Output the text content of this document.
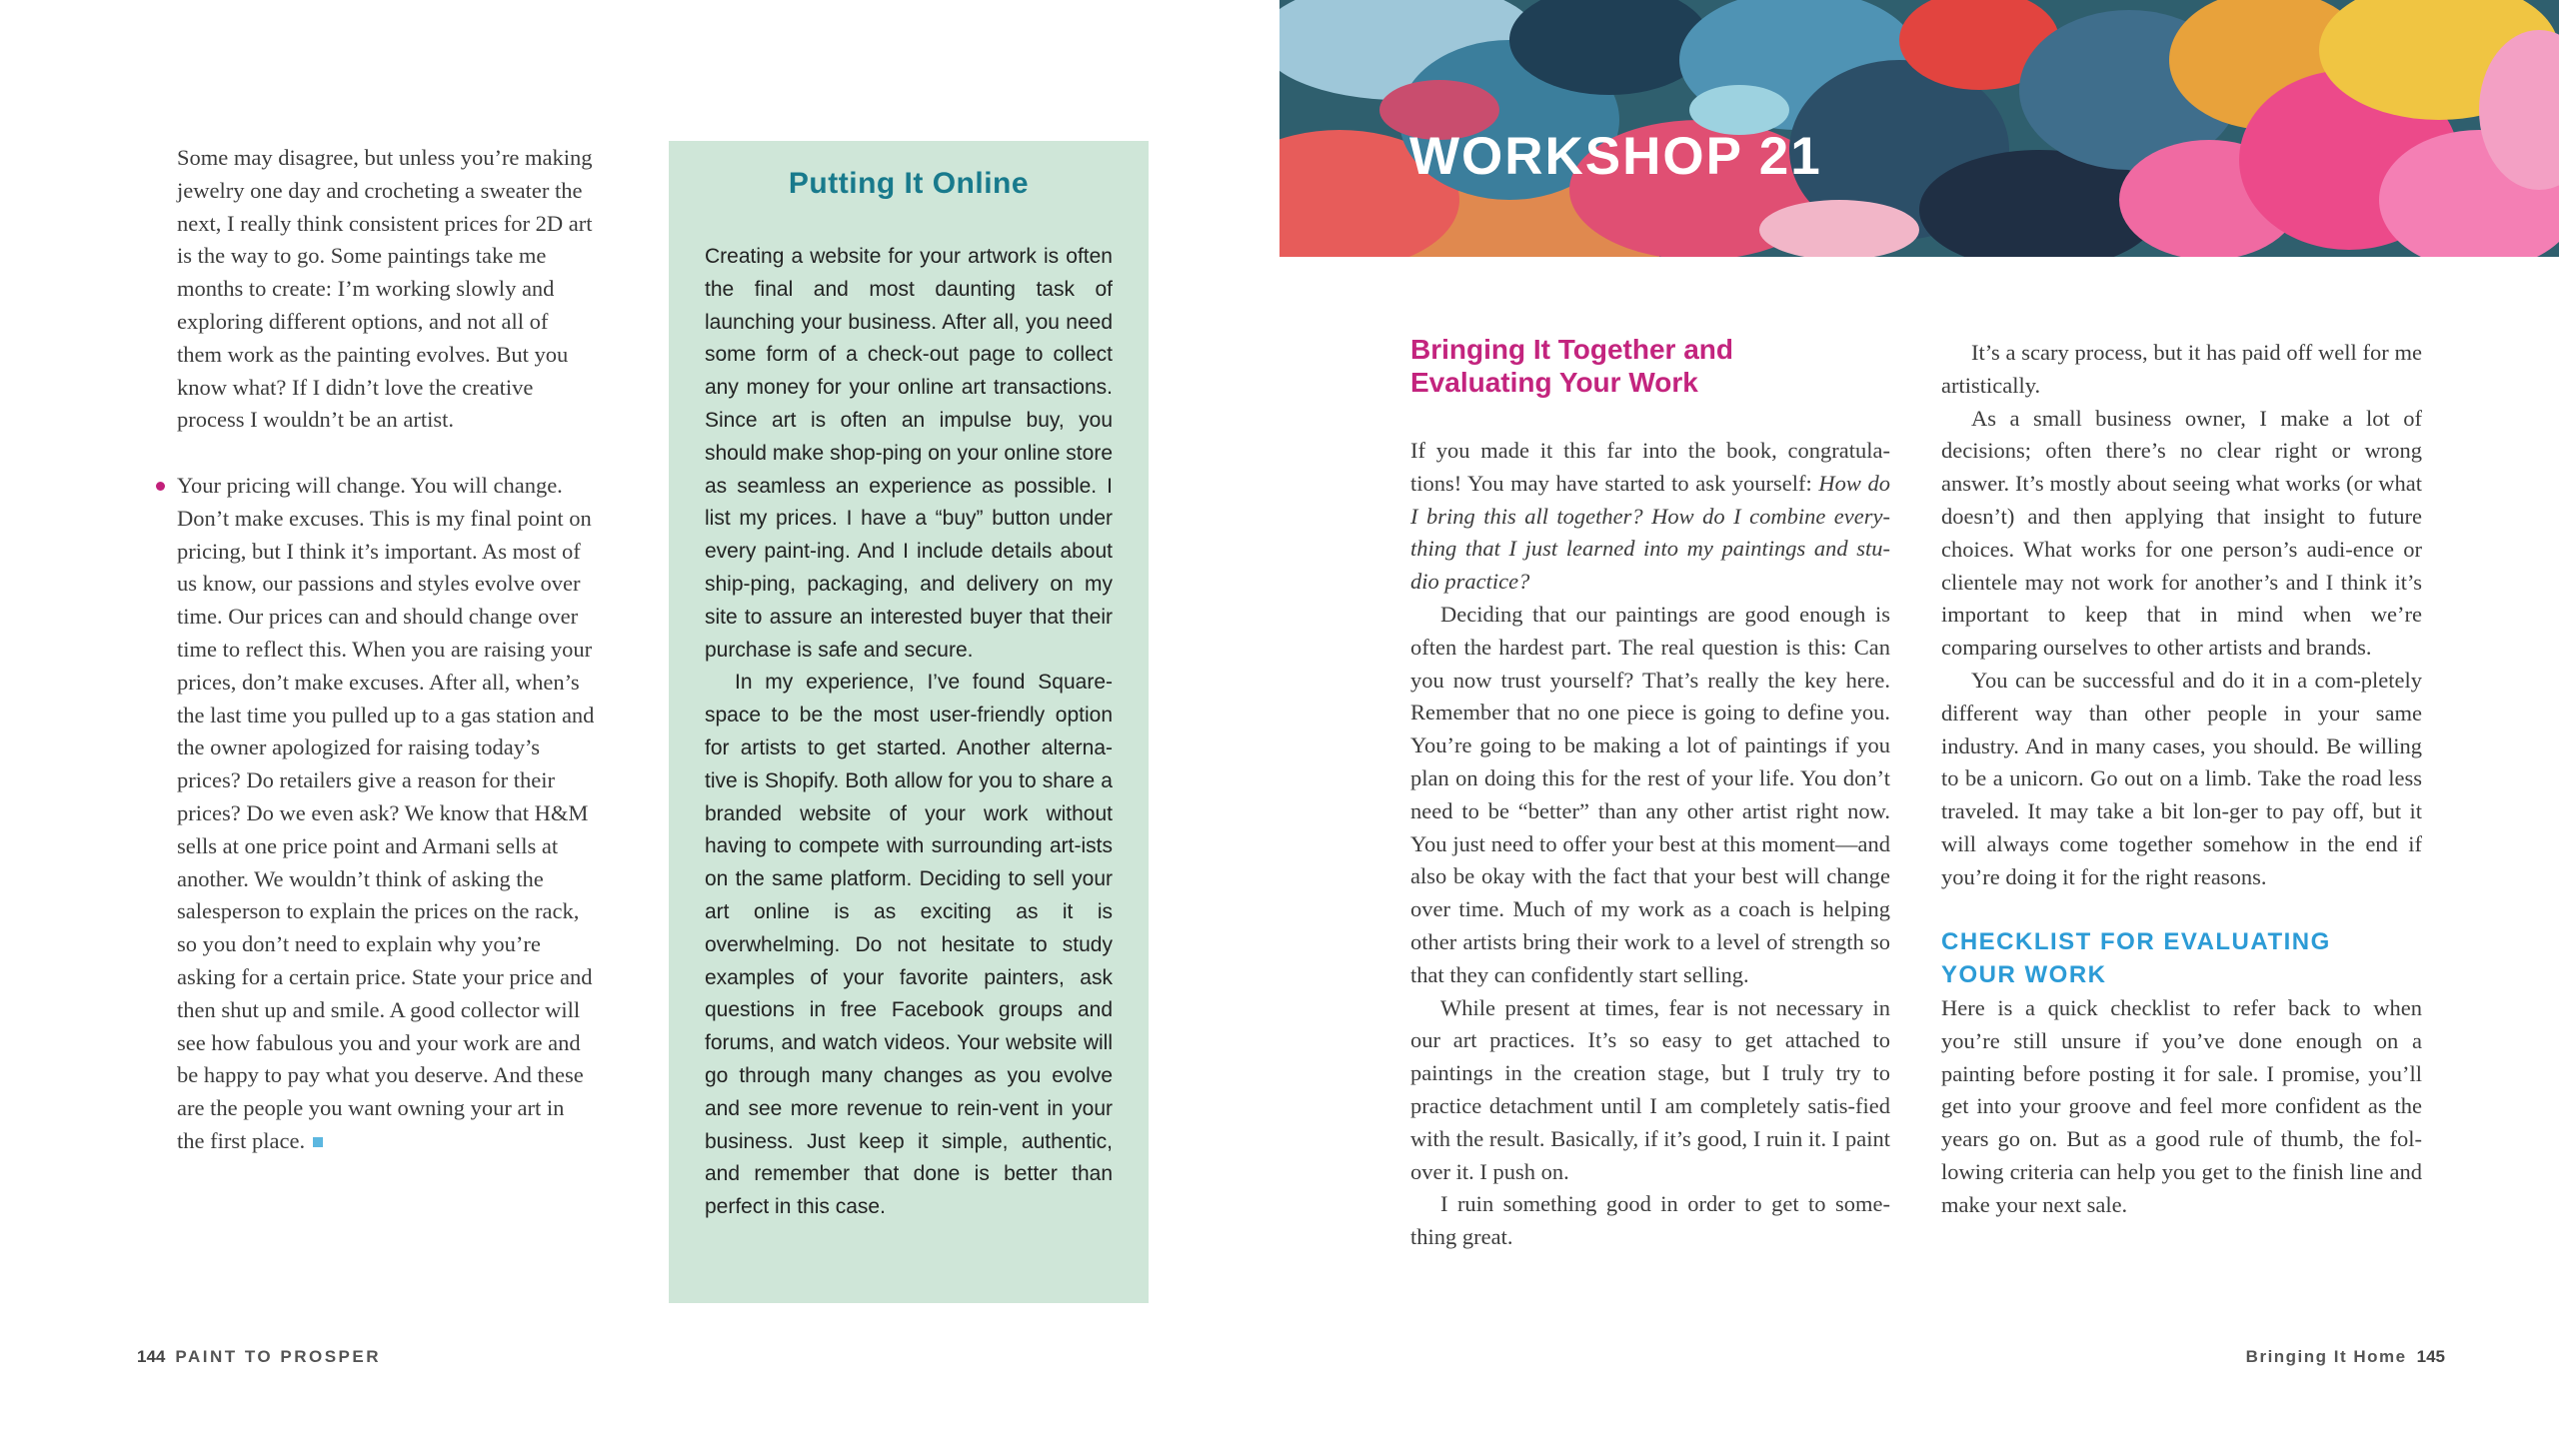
Some may disagree, but unless you’re making jewelry one day and crocheting a sweater the next, I really think consistent prices for 2D art is the way to go. Some paintings take me months to create: I’m working slowly and exploring different options, and not all of them work as the painting evolves. But you know what? If I didn’t love the creative process I wouldn’t be an artist.

Your pricing will change. You will change. Don’t make excuses. This is my final point on pricing, but I think it’s important. As most of us know, our passions and styles evolve over time. Our prices can and should change over time to reflect this. When you are raising your prices, don’t make excuses. After all, when’s the last time you pulled up to a gas station and the owner apologized for raising today’s prices? Do retailers give a reason for their prices? Do we even ask? We know that H&M sells at one price point and Armani sells at another. We wouldn’t think of asking the salesperson to explain the prices on the rack, so you don’t need to explain why you’re asking for a certain price. State your price and then shut up and smile. A good collector will see how fabulous you and your work are and be happy to pay what you deserve. And these are the people you want owning your art in the first place.

Putting It Online

Creating a website for your artwork is often the final and most daunting task of launching your business. After all, you need some form of a check-out page to collect any money for your online art transactions. Since art is often an impulse buy, you should make shop-ping on your online store as seamless an experience as possible. I list my prices. I have a “buy” button under every paint-ing. And I include details about ship-ping, packaging, and delivery on my site to assure an interested buyer that their purchase is safe and secure.

In my experience, I’ve found Square-space to be the most user-friendly option for artists to get started. Another alterna-tive is Shopify. Both allow for you to share a branded website of your work without having to compete with surrounding art-ists on the same platform. Deciding to sell your art online is as exciting as it is overwhelming. Do not hesitate to study examples of your favorite painters, ask questions in free Facebook groups and forums, and watch videos. Your website will go through many changes as you evolve and see more revenue to rein-vent in your business. Just keep it simple, authentic, and remember that done is better than perfect in this case.

WORKSHOP 21
Bringing It Together and Evaluating Your Work

If you made it this far into the book, congratula-tions! You may have started to ask yourself: How do I bring this all together? How do I combine every-thing that I just learned into my paintings and stu-dio practice?

Deciding that our paintings are good enough is often the hardest part. The real question is this: Can you now trust yourself? That’s really the key here. Remember that no one piece is going to define you. You’re going to be making a lot of paintings if you plan on doing this for the rest of your life. You don’t need to be “better” than any other artist right now. You just need to offer your best at this moment—and also be okay with the fact that your best will change over time. Much of my work as a coach is helping other artists bring their work to a level of strength so that they can confidently start selling.

While present at times, fear is not necessary in our art practices. It’s so easy to get attached to paintings in the creation stage, but I truly try to practice detachment until I am completely satis-fied with the result. Basically, if it’s good, I ruin it. I paint over it. I push on.

I ruin something good in order to get to some-thing great.

It’s a scary process, but it has paid off well for me artistically.

As a small business owner, I make a lot of decisions; often there’s no clear right or wrong answer. It’s mostly about seeing what works (or what doesn’t) and then applying that insight to future choices. What works for one person’s audi-ence or clientele may not work for another’s and I think it’s important to keep that in mind when we’re comparing ourselves to other artists and brands.

You can be successful and do it in a com-pletely different way than other people in your same industry. And in many cases, you should. Be willing to be a unicorn. Go out on a limb. Take the road less traveled. It may take a bit lon-ger to pay off, but it will always come together somehow in the end if you’re doing it for the right reasons.

CHECKLIST FOR EVALUATING YOUR WORK

Here is a quick checklist to refer back to when you’re still unsure if you’ve done enough on a painting before posting it for sale. I promise, you’ll get into your groove and feel more confident as the years go on. But as a good rule of thumb, the fol-lowing criteria can help you get to the finish line and make your next sale.

144 PAINT TO PROSPER	Bringing It Home 145
